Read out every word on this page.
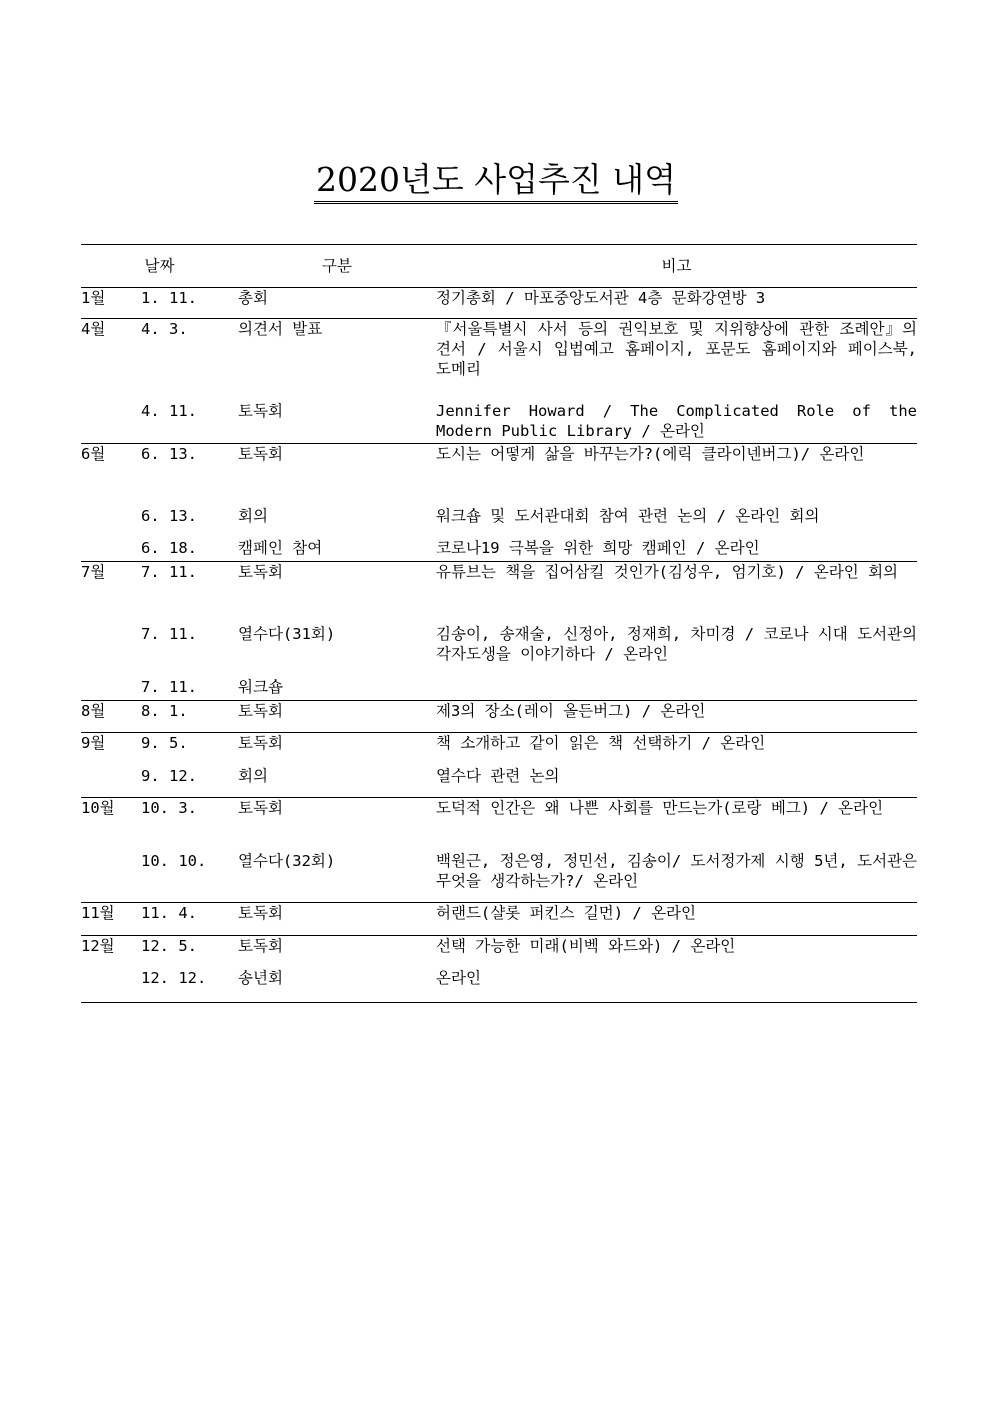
2020년도 사업추진 내역
날짜		구분	비고
1월	1. 11.	총회	정기총회 / 마포중앙도서관 4층 문화강연방 3
4월	4. 3.	의견서 발표	『서울특별시 사서 등의 권익보호 및 지위향상에 관한 조례안』의견서 / 서울시 입법예고 홈페이지, 포문도 홈페이지와 페이스북, 도메리
	4. 11.	토독회	Jennifer Howard / The Complicated Role of the Modern Public Library / 온라인
6월	6. 13.	토독회	도시는 어떻게 삶을 바꾸는가?(에릭 클라이넨버그)/ 온라인
	6. 13.	회의	워크숍 및 도서관대회 참여 관련 논의 / 온라인 회의
	6. 18.	캠페인 참여	코로나19 극복을 위한 희망 캠페인 / 온라인
7월	7. 11.	토독회	유튜브는 책을 집어삼킬 것인가(김성우, 엄기호) / 온라인 회의
	7. 11.	열수다(31회)	김송이, 송재술, 신정아, 정재희, 차미경 / 코로나 시대 도서관의 각자도생을 이야기하다 / 온라인
	7. 11.	워크숍	
8월	8. 1.	토독회	제3의 장소(레이 올든버그) / 온라인
9월	9. 5.	토독회	책 소개하고 같이 읽은 책 선택하기 / 온라인
	9. 12.	회의	열수다 관련 논의
10월	10. 3.	토독회	도덕적 인간은 왜 나쁜 사회를 만드는가(로랑 베그) / 온라인
	10. 10.	열수다(32회)	백원근, 정은영, 정민선, 김송이/ 도서정가제 시행 5년, 도서관은 무엇을 생각하는가?/ 온라인
11월	11. 4.	토독회	허랜드(샬롯 퍼킨스 길먼) / 온라인
12월	12. 5.	토독회	선택 가능한 미래(비벡 와드와) / 온라인
	12. 12.	송년회	온라인
